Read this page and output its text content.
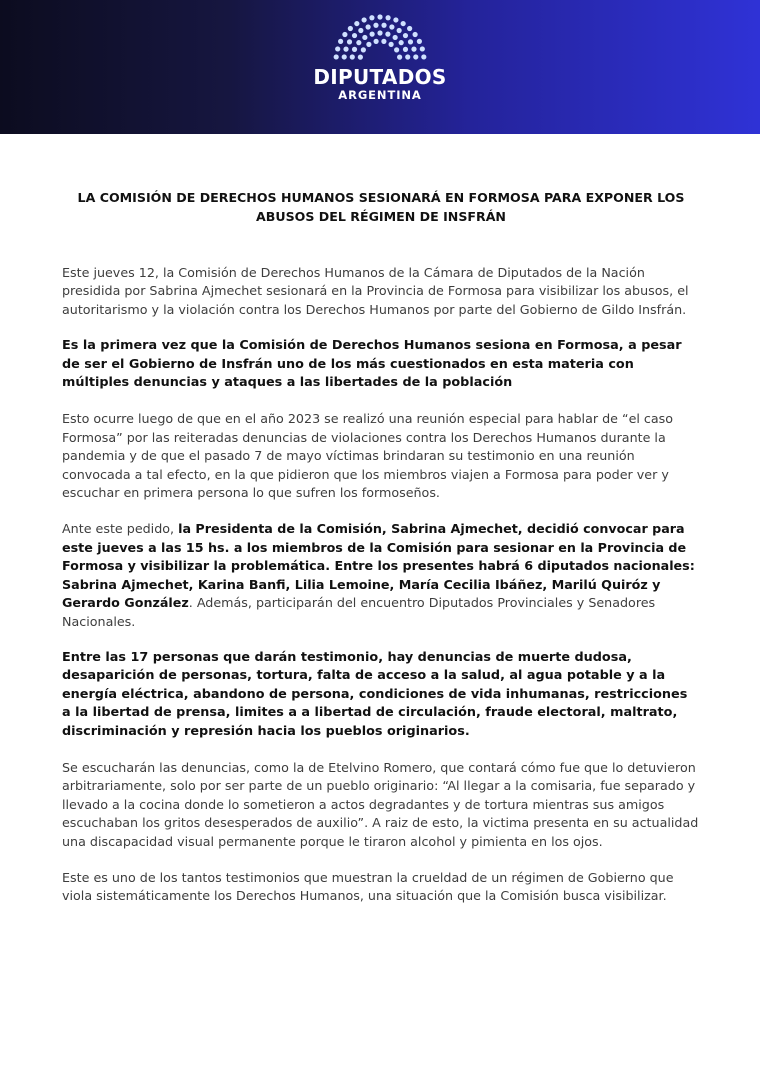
DIPUTADOS
ARGENTINA
LA COMISIÓN DE DERECHOS HUMANOS SESIONARÁ EN FORMOSA PARA EXPONER LOS ABUSOS DEL RÉGIMEN DE INSFRÁN

Este jueves 12, la Comisión de Derechos Humanos de la Cámara de Diputados de la Nación presidida por Sabrina Ajmechet sesionará en la Provincia de Formosa para visibilizar los abusos, el autoritarismo y la violación contra los Derechos Humanos por parte del Gobierno de Gildo Insfrán.

Es la primera vez que la Comisión de Derechos Humanos sesiona en Formosa, a pesar de ser el Gobierno de Insfrán uno de los más cuestionados en esta materia con múltiples denuncias y ataques a las libertades de la población

Esto ocurre luego de que en el año 2023 se realizó una reunión especial para hablar de “el caso Formosa” por las reiteradas denuncias de violaciones contra los Derechos Humanos durante la pandemia y de que el pasado 7 de mayo víctimas brindaran su testimonio en una reunión convocada a tal efecto, en la que pidieron que los miembros viajen a Formosa para poder ver y escuchar en primera persona lo que sufren los formoseños.

Ante este pedido, la Presidenta de la Comisión, Sabrina Ajmechet, decidió convocar para este jueves a las 15 hs. a los miembros de la Comisión para sesionar en la Provincia de Formosa y visibilizar la problemática. Entre los presentes habrá 6 diputados nacionales: Sabrina Ajmechet, Karina Banfi, Lilia Lemoine, María Cecilia Ibáñez, Marilú Quiróz y Gerardo González. Además, participarán del encuentro Diputados Provinciales y Senadores Nacionales.

Entre las 17 personas que darán testimonio, hay denuncias de muerte dudosa, desaparición de personas, tortura, falta de acceso a la salud, al agua potable y a la energía eléctrica, abandono de persona, condiciones de vida inhumanas, restricciones a la libertad de prensa, limites a a libertad de circulación, fraude electoral, maltrato, discriminación y represión hacia los pueblos originarios.

Se escucharán las denuncias, como la de Etelvino Romero, que contará cómo fue que lo detuvieron arbitrariamente, solo por ser parte de un pueblo originario: “Al llegar a la comisaria, fue separado y llevado a la cocina donde lo sometieron a actos degradantes y de tortura mientras sus amigos escuchaban los gritos desesperados de auxilio”. A raiz de esto, la victima presenta en su actualidad una discapacidad visual permanente porque le tiraron alcohol y pimienta en los ojos.

Este es uno de los tantos testimonios que muestran la crueldad de un régimen de Gobierno que viola sistemáticamente los Derechos Humanos, una situación que la Comisión busca visibilizar.
